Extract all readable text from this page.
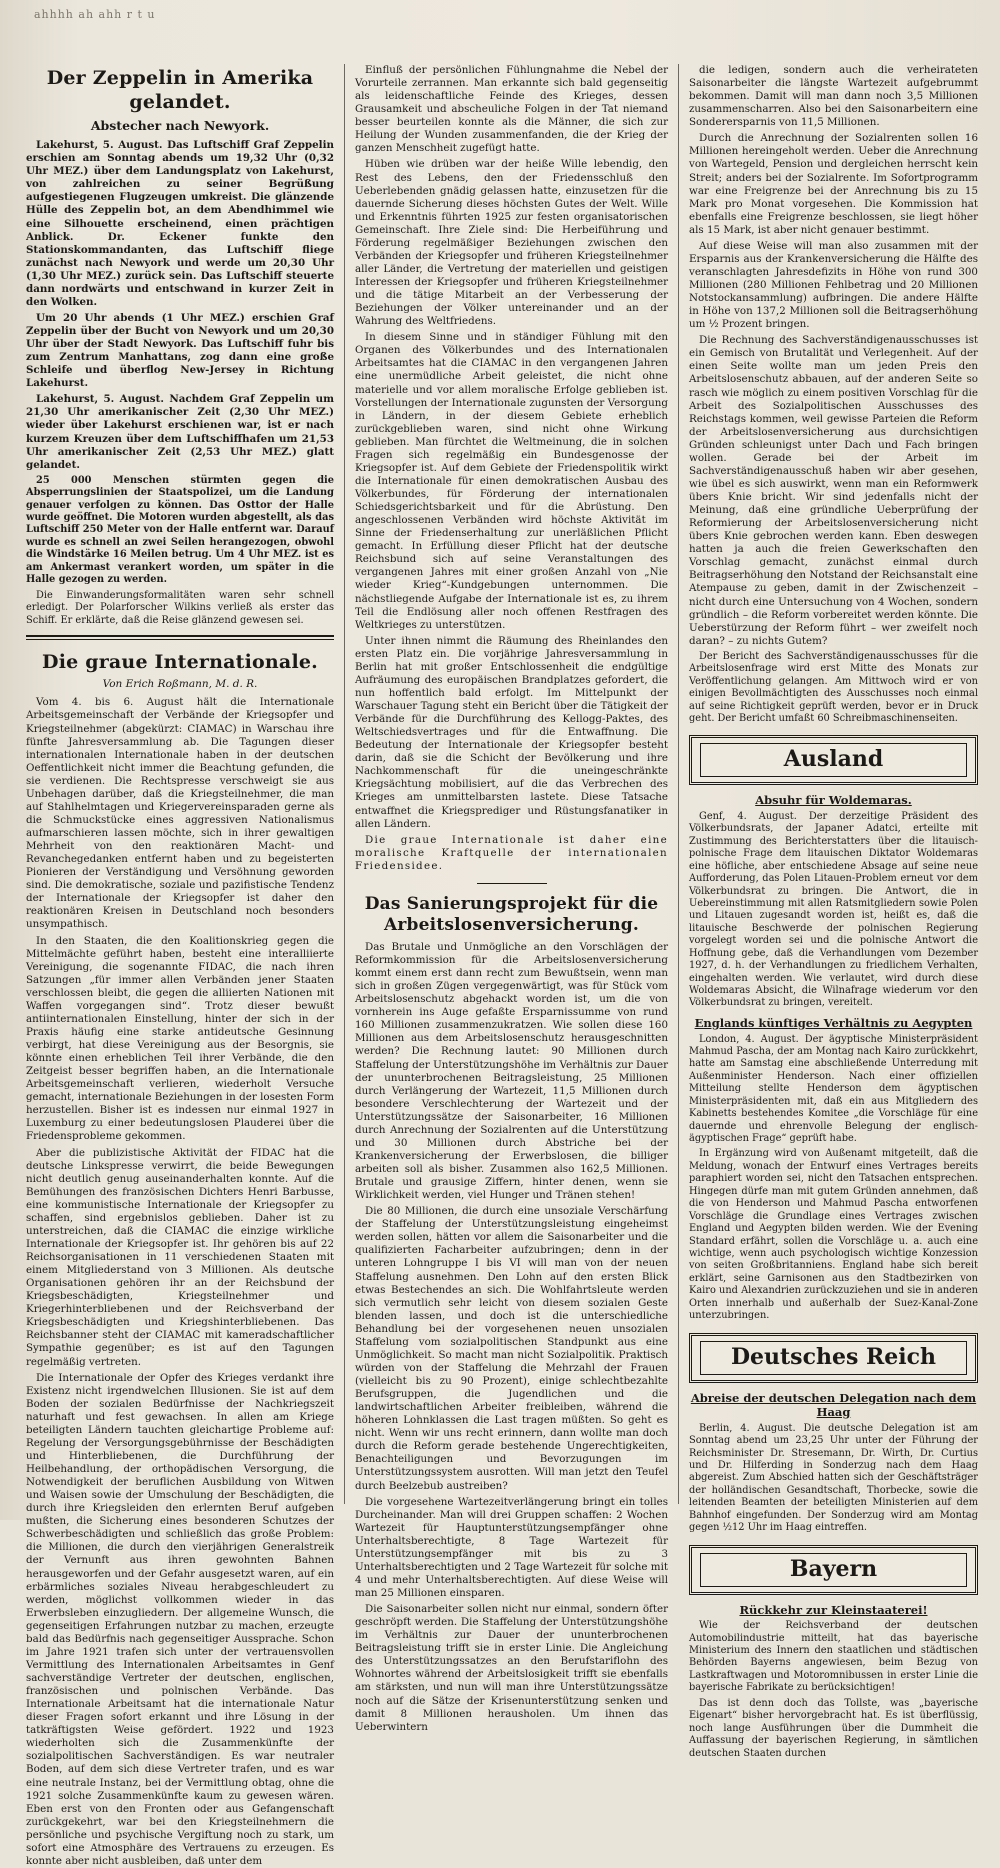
ahhhh ah ahh r t u
Der Zeppelin in Amerika gelandet.
Abstecher nach Newyork.

Lakehurst, 5. August. Das Luftschiff Graf Zeppelin erschien am Sonntag abends um 19,32 Uhr (0,32 Uhr MEZ.) über dem Landungsplatz von Lakehurst, von zahlreichen zu seiner Begrüßung aufgestiegenen Flugzeugen umkreist. Die glänzende Hülle des Zeppelin bot, an dem Abendhimmel wie eine Silhouette erscheinend, einen prächtigen Anblick. Dr. Eckener funkte den Stationskommandanten, das Luftschiff fliege zunächst nach Newyork und werde um 20,30 Uhr (1,30 Uhr MEZ.) zurück sein. Das Luftschiff steuerte dann nordwärts und entschwand in kurzer Zeit in den Wolken.

Um 20 Uhr abends (1 Uhr MEZ.) erschien Graf Zeppelin über der Bucht von Newyork und um 20,30 Uhr über der Stadt Newyork. Das Luftschiff fuhr bis zum Zentrum Manhattans, zog dann eine große Schleife und überflog New-Jersey in Richtung Lakehurst.

Lakehurst, 5. August. Nachdem Graf Zeppelin um 21,30 Uhr amerikanischer Zeit (2,30 Uhr MEZ.) wieder über Lakehurst erschienen war, ist er nach kurzem Kreuzen über dem Luftschiffhafen um 21,53 Uhr amerikanischer Zeit (2,53 Uhr MEZ.) glatt gelandet.

25 000 Menschen stürmten gegen die Absperrungslinien der Staatspolizei, um die Landung genauer verfolgen zu können. Das Osttor der Halle wurde geöffnet. Die Motoren wurden abgestellt, als das Luftschiff 250 Meter von der Halle entfernt war. Darauf wurde es schnell an zwei Seilen herangezogen, obwohl die Windstärke 16 Meilen betrug. Um 4 Uhr MEZ. ist es am Ankermast verankert worden, um später in die Halle gezogen zu werden.

Die Einwanderungsformalitäten waren sehr schnell erledigt. Der Polarforscher Wilkins verließ als erster das Schiff. Er erklärte, daß die Reise glänzend gewesen sei.

Die graue Internationale.
Von Erich Roßmann, M. d. R.

Vom 4. bis 6. August hält die Internationale Arbeitsgemeinschaft der Verbände der Kriegsopfer und Kriegsteilnehmer (abgekürzt: CIAMAC) in Warschau ihre fünfte Jahresversammlung ab. Die Tagungen dieser internationalen Internationale haben in der deutschen Oeffentlichkeit nicht immer die Beachtung gefunden, die sie verdienen. Die Rechtspresse verschweigt sie aus Unbehagen darüber, daß die Kriegsteilnehmer, die man auf Stahlhelmtagen und Kriegervereinsparaden gerne als die Schmuckstücke eines aggressiven Nationalismus aufmarschieren lassen möchte, sich in ihrer gewaltigen Mehrheit von den reaktionären Macht- und Revanchegedanken entfernt haben und zu begeisterten Pionieren der Verständigung und Versöhnung geworden sind. Die demokratische, soziale und pazifistische Tendenz der Internationale der Kriegsopfer ist daher den reaktionären Kreisen in Deutschland noch besonders unsympathisch.

In den Staaten, die den Koalitionskrieg gegen die Mittelmächte geführt haben, besteht eine interalliierte Vereinigung, die sogenannte FIDAC, die nach ihren Satzungen „für immer allen Verbänden jener Staaten verschlossen bleibt, die gegen die alliierten Nationen mit Waffen vorgegangen sind“. Trotz dieser bewußt antiinternationalen Einstellung, hinter der sich in der Praxis häufig eine starke antideutsche Gesinnung verbirgt, hat diese Vereinigung aus der Besorgnis, sie könnte einen erheblichen Teil ihrer Verbände, die den Zeitgeist besser begriffen haben, an die Internationale Arbeitsgemeinschaft verlieren, wiederholt Versuche gemacht, internationale Beziehungen in der losesten Form herzustellen. Bisher ist es indessen nur einmal 1927 in Luxemburg zu einer bedeutungslosen Plauderei über die Friedensprobleme gekommen.

Aber die publizistische Aktivität der FIDAC hat die deutsche Linkspresse verwirrt, die beide Bewegungen nicht deutlich genug auseinanderhalten konnte. Auf die Bemühungen des französischen Dichters Henri Barbusse, eine kommunistische Internationale der Kriegsopfer zu schaffen, sind ergebnislos geblieben. Daher ist zu unterstreichen, daß die CIAMAC die einzige wirkliche Internationale der Kriegsopfer ist. Ihr gehören bis auf 22 Reichsorganisationen in 11 verschiedenen Staaten mit einem Mitgliederstand von 3 Millionen. Als deutsche Organisationen gehören ihr an der Reichsbund der Kriegsbeschädigten, Kriegsteilnehmer und Kriegerhinterbliebenen und der Reichsverband der Kriegsbeschädigten und Kriegshinterbliebenen. Das Reichsbanner steht der CIAMAC mit kameradschaftlicher Sympathie gegenüber; es ist auf den Tagungen regelmäßig vertreten.

Die Internationale der Opfer des Krieges verdankt ihre Existenz nicht irgendwelchen Illusionen. Sie ist auf dem Boden der sozialen Bedürfnisse der Nachkriegszeit naturhaft und fest gewachsen. In allen am Kriege beteiligten Ländern tauchten gleichartige Probleme auf: Regelung der Versorgungsgebührnisse der Beschädigten und Hinterbliebenen, die Durchführung der Heilbehandlung, der orthopädischen Versorgung, die Notwendigkeit der beruflichen Ausbildung von Witwen und Waisen sowie der Umschulung der Beschädigten, die durch ihre Kriegsleiden den erlernten Beruf aufgeben mußten, die Sicherung eines besonderen Schutzes der Schwerbeschädigten und schließlich das große Problem: die Millionen, die durch den vierjährigen Generalstreik der Vernunft aus ihren gewohnten Bahnen herausgeworfen und der Gefahr ausgesetzt waren, auf ein erbärmliches soziales Niveau herabgeschleudert zu werden, möglichst vollkommen wieder in das Erwerbsleben einzugliedern. Der allgemeine Wunsch, die gegenseitigen Erfahrungen nutzbar zu machen, erzeugte bald das Bedürfnis nach gegenseitiger Aussprache. Schon im Jahre 1921 trafen sich unter der vertrauensvollen Vermittlung des Internationalen Arbeitsamtes in Genf sachverständige Vertreter der deutschen, englischen, französischen und polnischen Verbände. Das Internationale Arbeitsamt hat die internationale Natur dieser Fragen sofort erkannt und ihre Lösung in der tatkräftigsten Weise gefördert. 1922 und 1923 wiederholten sich die Zusammenkünfte der sozialpolitischen Sachverständigen. Es war neutraler Boden, auf dem sich diese Vertreter trafen, und es war eine neutrale Instanz, bei der Vermittlung obtag, ohne die 1921 solche Zusammenkünfte kaum zu gewesen wären. Eben erst von den Fronten oder aus Gefangenschaft zurückgekehrt, war bei den Kriegsteilnehmern die persönliche und psychische Vergiftung noch zu stark, um sofort eine Atmosphäre des Vertrauens zu erzeugen. Es konnte aber nicht ausbleiben, daß unter dem

Einfluß der persönlichen Fühlungnahme die Nebel der Vorurteile zerrannen. Man erkannte sich bald gegenseitig als leidenschaftliche Feinde des Krieges, dessen Grausamkeit und abscheuliche Folgen in der Tat niemand besser beurteilen konnte als die Männer, die sich zur Heilung der Wunden zusammenfanden, die der Krieg der ganzen Menschheit zugefügt hatte.

Hüben wie drüben war der heiße Wille lebendig, den Rest des Lebens, den der Friedensschluß den Ueberlebenden gnädig gelassen hatte, einzusetzen für die dauernde Sicherung dieses höchsten Gutes der Welt. Wille und Erkenntnis führten 1925 zur festen organisatorischen Gemeinschaft. Ihre Ziele sind: Die Herbeiführung und Förderung regelmäßiger Beziehungen zwischen den Verbänden der Kriegsopfer und früheren Kriegsteilnehmer aller Länder, die Vertretung der materiellen und geistigen Interessen der Kriegsopfer und früheren Kriegsteilnehmer und die tätige Mitarbeit an der Verbesserung der Beziehungen der Völker untereinander und an der Wahrung des Weltfriedens.

In diesem Sinne und in ständiger Fühlung mit den Organen des Völkerbundes und des Internationalen Arbeitsamtes hat die CIAMAC in den vergangenen Jahren eine unermüdliche Arbeit geleistet, die nicht ohne materielle und vor allem moralische Erfolge geblieben ist. Vorstellungen der Internationale zugunsten der Versorgung in Ländern, in der diesem Gebiete erheblich zurückgeblieben waren, sind nicht ohne Wirkung geblieben. Man fürchtet die Weltmeinung, die in solchen Fragen sich regelmäßig ein Bundesgenosse der Kriegsopfer ist. Auf dem Gebiete der Friedenspolitik wirkt die Internationale für einen demokratischen Ausbau des Völkerbundes, für Förderung der internationalen Schiedsgerichtsbarkeit und für die Abrüstung. Den angeschlossenen Verbänden wird höchste Aktivität im Sinne der Friedenserhaltung zur unerläßlichen Pflicht gemacht. In Erfüllung dieser Pflicht hat der deutsche Reichsbund sich auf seine Veranstaltungen des vergangenen Jahres mit einer großen Anzahl von „Nie wieder Krieg“-Kundgebungen unternommen. Die nächstliegende Aufgabe der Internationale ist es, zu ihrem Teil die Endlösung aller noch offenen Restfragen des Weltkrieges zu unterstützen.

Unter ihnen nimmt die Räumung des Rheinlandes den ersten Platz ein. Die vorjährige Jahresversammlung in Berlin hat mit großer Entschlossenheit die endgültige Aufräumung des europäischen Brandplatzes gefordert, die nun hoffentlich bald erfolgt. Im Mittelpunkt der Warschauer Tagung steht ein Bericht über die Tätigkeit der Verbände für die Durchführung des Kellogg-Paktes, des Weltschiedsvertrages und für die Entwaffnung. Die Bedeutung der Internationale der Kriegsopfer besteht darin, daß sie die Schicht der Bevölkerung und ihre Nachkommenschaft für die uneingeschränkte Kriegsächtung mobilisiert, auf die das Verbrechen des Krieges am unmittelbarsten lastete. Diese Tatsache entwaffnet die Kriegsprediger und Rüstungsfanatiker in allen Ländern.

Die graue Internationale ist daher eine moralische Kraftquelle der internationalen Friedensidee.

Das Sanierungsprojekt für die Arbeitslosenversicherung.

Das Brutale und Unmögliche an den Vorschlägen der Reformkommission für die Arbeitslosenversicherung kommt einem erst dann recht zum Bewußtsein, wenn man sich in großen Zügen vergegenwärtigt, was für Stück vom Arbeitslosenschutz abgehackt worden ist, um die von vornherein ins Auge gefaßte Ersparnissumme von rund 160 Millionen zusammenzukratzen. Wie sollen diese 160 Millionen aus dem Arbeitslosenschutz herausgeschnitten werden? Die Rechnung lautet: 90 Millionen durch Staffelung der Unterstützungshöhe im Verhältnis zur Dauer der ununterbrochenen Beitragsleistung, 25 Millionen durch Verlängerung der Wartezeit, 11,5 Millionen durch besondere Verschlechterung der Wartezeit und der Unterstützungssätze der Saisonarbeiter, 16 Millionen durch Anrechnung der Sozialrenten auf die Unterstützung und 30 Millionen durch Abstriche bei der Krankenversicherung der Erwerbslosen, die billiger arbeiten soll als bisher. Zusammen also 162,5 Millionen. Brutale und grausige Ziffern, hinter denen, wenn sie Wirklichkeit werden, viel Hunger und Tränen stehen!

Die 80 Millionen, die durch eine unsoziale Verschärfung der Staffelung der Unterstützungsleistung eingeheimst werden sollen, hätten vor allem die Saisonarbeiter und die qualifizierten Facharbeiter aufzubringen; denn in der unteren Lohngruppe I bis VI will man von der neuen Staffelung ausnehmen. Den Lohn auf den ersten Blick etwas Bestechendes an sich. Die Wohlfahrtsleute werden sich vermutlich sehr leicht von diesem sozialen Geste blenden lassen, und doch ist die unterschiedliche Behandlung bei der vorgesehenen neuen unsozialen Staffelung vom sozialpolitischen Standpunkt aus eine Unmöglichkeit. So macht man nicht Sozialpolitik. Praktisch würden von der Staffelung die Mehrzahl der Frauen (vielleicht bis zu 90 Prozent), einige schlechtbezahlte Berufsgruppen, die Jugendlichen und die landwirtschaftlichen Arbeiter freibleiben, während die höheren Lohnklassen die Last tragen müßten. So geht es nicht. Wenn wir uns recht erinnern, dann wollte man doch durch die Reform gerade bestehende Ungerechtigkeiten, Benachteiligungen und Bevorzugungen im Unterstützungssystem ausrotten. Will man jetzt den Teufel durch Beelzebub austreiben?

Die vorgesehene Wartezeitverlängerung bringt ein tolles Durcheinander. Man will drei Gruppen schaffen: 2 Wochen Wartezeit für Hauptunterstützungsempfänger ohne Unterhaltsberechtigte, 8 Tage Wartezeit für Unterstützungsempfänger mit bis zu 3 Unterhaltsberechtigten und 2 Tage Wartezeit für solche mit 4 und mehr Unterhaltsberechtigten. Auf diese Weise will man 25 Millionen einsparen.

Die Saisonarbeiter sollen nicht nur einmal, sondern öfter geschröpft werden. Die Staffelung der Unterstützungshöhe im Verhältnis zur Dauer der ununterbrochenen Beitragsleistung trifft sie in erster Linie. Die Angleichung des Unterstützungssatzes an den Berufstariflohn des Wohnortes während der Arbeitslosigkeit trifft sie ebenfalls am stärksten, und nun will man ihre Unterstützungssätze noch auf die Sätze der Krisenunterstützung senken und damit 8 Millionen herausholen. Um ihnen das Ueberwintern

die ledigen, sondern auch die verheirateten Saisonarbeiter die längste Wartezeit aufgebrummt bekommen. Damit will man dann noch 3,5 Millionen zusammenscharren. Also bei den Saisonarbeitern eine Sonderersparnis von 11,5 Millionen.

Durch die Anrechnung der Sozialrenten sollen 16 Millionen hereingeholt werden. Ueber die Anrechnung von Wartegeld, Pension und dergleichen herrscht kein Streit; anders bei der Sozialrente. Im Sofortprogramm war eine Freigrenze bei der Anrechnung bis zu 15 Mark pro Monat vorgesehen. Die Kommission hat ebenfalls eine Freigrenze beschlossen, sie liegt höher als 15 Mark, ist aber nicht genauer bestimmt.

Auf diese Weise will man also zusammen mit der Ersparnis aus der Krankenversicherung die Hälfte des veranschlagten Jahresdefizits in Höhe von rund 300 Millionen (280 Millionen Fehlbetrag und 20 Millionen Notstockansammlung) aufbringen. Die andere Hälfte in Höhe von 137,2 Millionen soll die Beitragserhöhung um ½ Prozent bringen.

Die Rechnung des Sachverständigenausschusses ist ein Gemisch von Brutalität und Verlegenheit. Auf der einen Seite wollte man um jeden Preis den Arbeitslosenschutz abbauen, auf der anderen Seite so rasch wie möglich zu einem positiven Vorschlag für die Arbeit des Sozialpolitischen Ausschusses des Reichstags kommen, weil gewisse Parteien die Reform der Arbeitslosenversicherung aus durchsichtigen Gründen schleunigst unter Dach und Fach bringen wollen. Gerade bei der Arbeit im Sachverständigenausschuß haben wir aber gesehen, wie übel es sich auswirkt, wenn man ein Reformwerk übers Knie bricht. Wir sind jedenfalls nicht der Meinung, daß eine gründliche Ueberprüfung der Reformierung der Arbeitslosenversicherung nicht übers Knie gebrochen werden kann. Eben deswegen hatten ja auch die freien Gewerkschaften den Vorschlag gemacht, zunächst einmal durch Beitragserhöhung den Notstand der Reichsanstalt eine Atempause zu geben, damit in der Zwischenzeit – nicht durch eine Untersuchung von 4 Wochen, sondern gründlich – die Reform vorbereitet werden könnte. Die Ueberstürzung der Reform führt – wer zweifelt noch daran? – zu nichts Gutem?

Der Bericht des Sachverständigenausschusses für die Arbeitslosenfrage wird erst Mitte des Monats zur Veröffentlichung gelangen. Am Mittwoch wird er von einigen Bevollmächtigten des Ausschusses noch einmal auf seine Richtigkeit geprüft werden, bevor er in Druck geht. Der Bericht umfaßt 60 Schreibmaschinenseiten.

Ausland
Absuhr für Woldemaras.

Genf, 4. August. Der derzeitige Präsident des Völkerbundsrats, der Japaner Adatci, erteilte mit Zustimmung des Berichterstatters über die litauisch-polnische Frage dem litauischen Diktator Woldemaras eine höfliche, aber entschiedene Absage auf seine neue Aufforderung, das Polen Litauen-Problem erneut vor dem Völkerbundsrat zu bringen. Die Antwort, die in Uebereinstimmung mit allen Ratsmitgliedern sowie Polen und Litauen zugesandt worden ist, heißt es, daß die litauische Beschwerde der polnischen Regierung vorgelegt worden sei und die polnische Antwort die Hoffnung gebe, daß die Verhandlungen vom Dezember 1927, d. h. der Verhandlungen zu friedlichem Verhalten, eingehalten werden. Wie verlautet, wird durch diese Woldemaras Absicht, die Wilnafrage wiederum vor den Völkerbundsrat zu bringen, vereitelt.

Englands künftiges Verhältnis zu Aegypten

London, 4. August. Der ägyptische Ministerpräsident Mahmud Pascha, der am Montag nach Kairo zurückkehrt, hatte am Samstag eine abschließende Unterredung mit Außenminister Henderson. Nach einer offiziellen Mitteilung stellte Henderson dem ägyptischen Ministerpräsidenten mit, daß ein aus Mitgliedern des Kabinetts bestehendes Komitee „die Vorschläge für eine dauernde und ehrenvolle Belegung der englisch-ägyptischen Frage“ geprüft habe.

In Ergänzung wird von Außenamt mitgeteilt, daß die Meldung, wonach der Entwurf eines Vertrages bereits paraphiert worden sei, nicht den Tatsachen entsprechen. Hingegen dürfe man mit gutem Gründen annehmen, daß die von Henderson und Mahmud Pascha entworfenen Vorschläge die Grundlage eines Vertrages zwischen England und Aegypten bilden werden. Wie der Evening Standard erfährt, sollen die Vorschläge u. a. auch eine wichtige, wenn auch psychologisch wichtige Konzession von seiten Großbritanniens. England habe sich bereit erklärt, seine Garnisonen aus den Stadtbezirken von Kairo und Alexandrien zurückzuziehen und sie in anderen Orten innerhalb und außerhalb der Suez-Kanal-Zone unterzubringen.

Deutsches Reich
Abreise der deutschen Delegation nach dem Haag

Berlin, 4. August. Die deutsche Delegation ist am Sonntag abend um 23,25 Uhr unter der Führung der Reichsminister Dr. Stresemann, Dr. Wirth, Dr. Curtius und Dr. Hilferding in Sonderzug nach dem Haag abgereist. Zum Abschied hatten sich der Geschäftsträger der holländischen Gesandtschaft, Thorbecke, sowie die leitenden Beamten der beteiligten Ministerien auf dem Bahnhof eingefunden. Der Sonderzug wird am Montag gegen ½12 Uhr im Haag eintreffen.

Bayern
Rückkehr zur Kleinstaaterei!

Wie der Reichsverband der deutschen Automobilindustrie mitteilt, hat das bayerische Ministerium des Innern den staatlichen und städtischen Behörden Bayerns angewiesen, beim Bezug von Lastkraftwagen und Motoromnibussen in erster Linie die bayerische Fabrikate zu berücksichtigen!

Das ist denn doch das Tollste, was „bayerische Eigenart“ bisher hervorgebracht hat. Es ist überflüssig, noch lange Ausführungen über die Dummheit die Auffassung der bayerischen Regierung, in sämtlichen deutschen Staaten durchen
